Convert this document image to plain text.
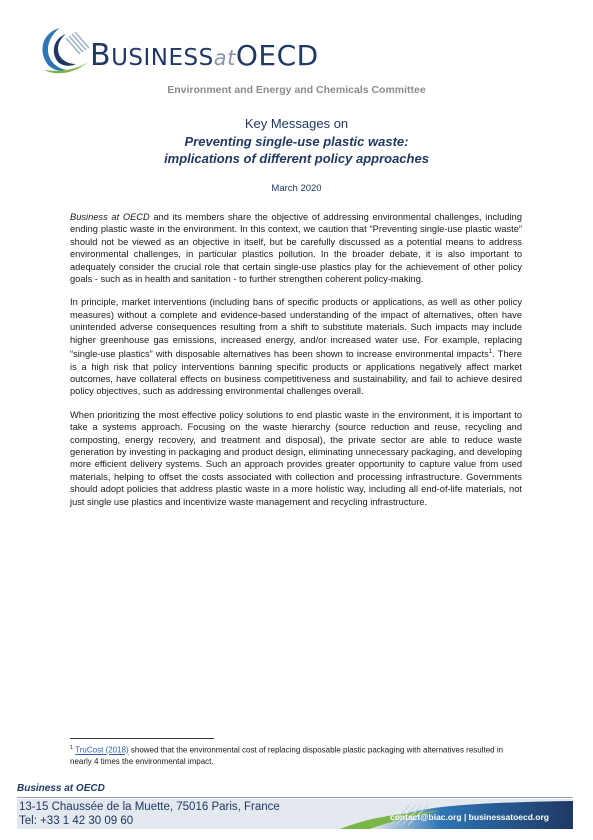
BUSINESSatOECD
Environment and Energy and Chemicals Committee
Key Messages on
Preventing single-use plastic waste:
implications of different policy approaches
March 2020

Business at OECD and its members share the objective of addressing environmental challenges, including ending plastic waste in the environment. In this context, we caution that “Preventing single-use plastic waste” should not be viewed as an objective in itself, but be carefully discussed as a potential means to address environmental challenges, in particular plastics pollution. In the broader debate, it is also important to adequately consider the crucial role that certain single-use plastics play for the achievement of other policy goals - such as in health and sanitation - to further strengthen coherent policy-making.

In principle, market interventions (including bans of specific products or applications, as well as other policy measures) without a complete and evidence-based understanding of the impact of alternatives, often have unintended adverse consequences resulting from a shift to substitute materials. Such impacts may include higher greenhouse gas emissions, increased energy, and/or increased water use. For example, replacing “single-use plastics” with disposable alternatives has been shown to increase environmental impacts$^1$. There is a high risk that policy interventions banning specific products or applications negatively affect market outcomes, have collateral effects on business competitiveness and sustainability, and fail to achieve desired policy objectives, such as addressing environmental challenges overall.

When prioritizing the most effective policy solutions to end plastic waste in the environment, it is important to take a systems approach. Focusing on the waste hierarchy (source reduction and reuse, recycling and composting, energy recovery, and treatment and disposal), the private sector are able to reduce waste generation by investing in packaging and product design, eliminating unnecessary packaging, and developing more efficient delivery systems. Such an approach provides greater opportunity to capture value from used materials, helping to offset the costs associated with collection and processing infrastructure. Governments should adopt policies that address plastic waste in a more holistic way, including all end-of-life materials, not just single use plastics and incentivize waste management and recycling infrastructure.

$^1$ TruCost (2018) showed that the environmental cost of replacing disposable plastic packaging with alternatives resulted in nearly 4 times the environmental impact.
Business at OECD
13-15 Chaussée de la Muette, 75016 Paris, France
Tel: +33 1 42 30 09 60	contact@biac.org | businessatoecd.org
